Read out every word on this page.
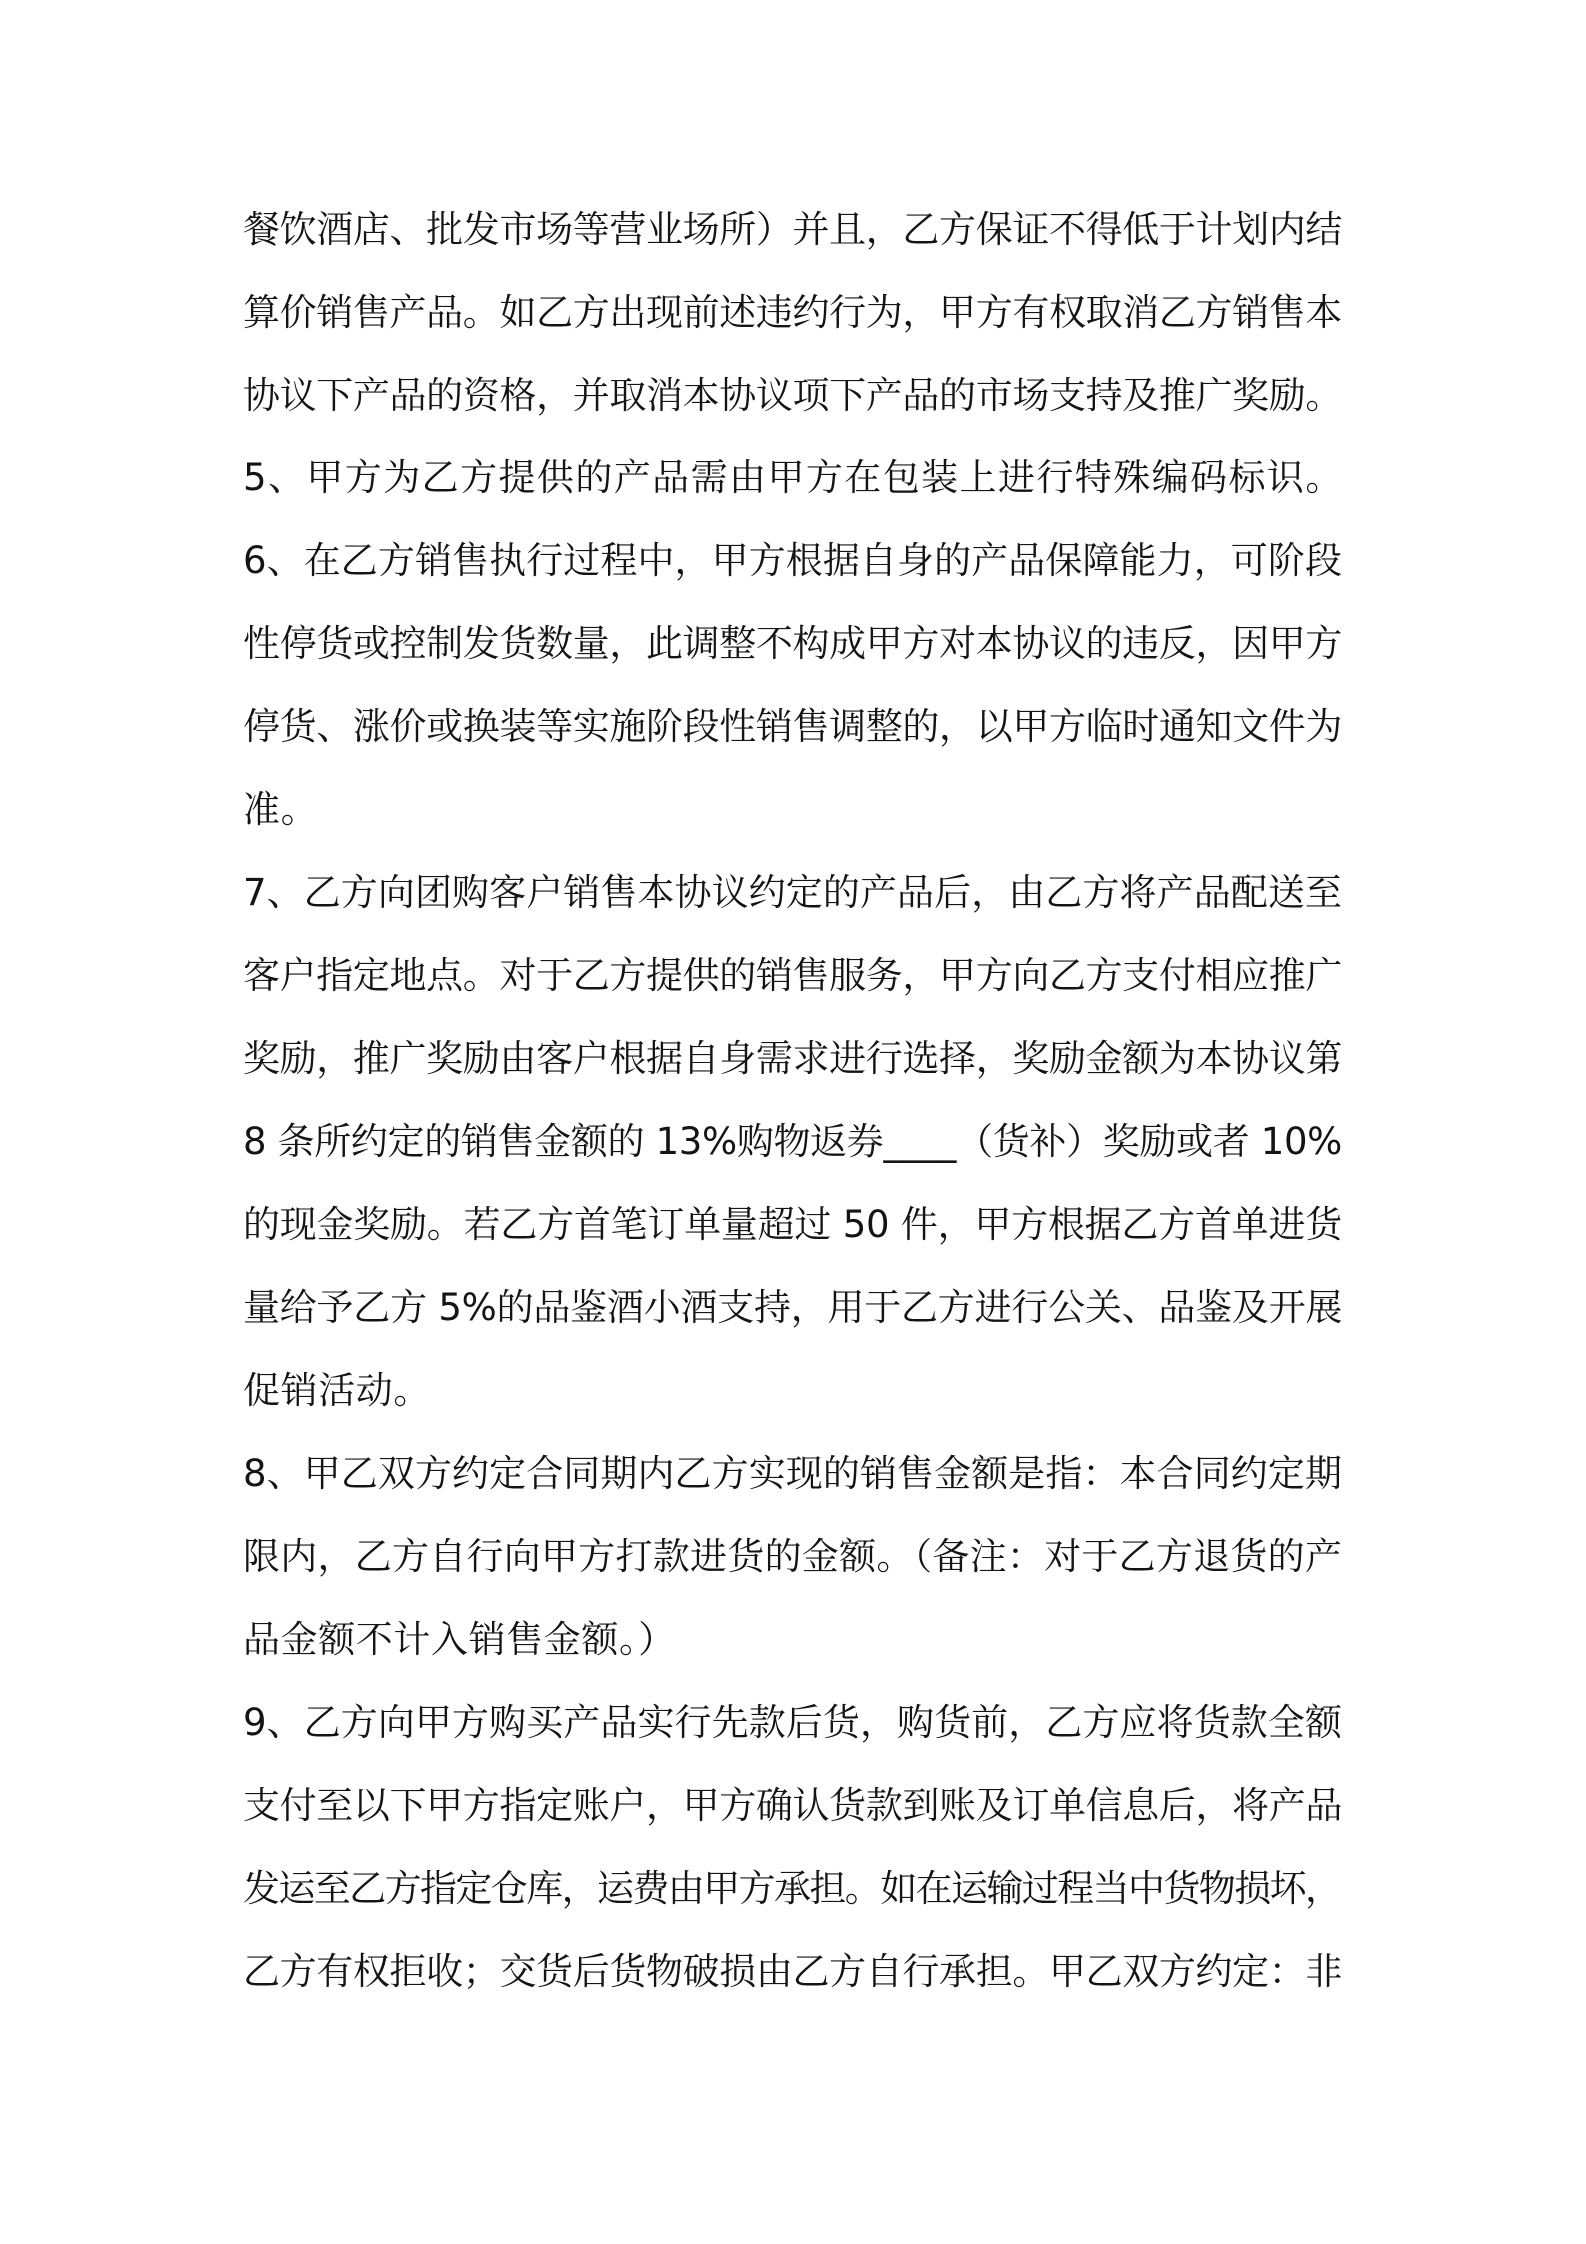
餐饮酒店、批发市场等营业场所）并且，乙方保证不得低于计划内结

算价销售产品。如乙方出现前述违约行为，甲方有权取消乙方销售本

协议下产品的资格，并取消本协议项下产品的市场支持及推广奖励。

5、甲方为乙方提供的产品需由甲方在包装上进行特殊编码标识。

6、在乙方销售执行过程中，甲方根据自身的产品保障能力，可阶段

性停货或控制发货数量，此调整不构成甲方对本协议的违反，因甲方

停货、涨价或换装等实施阶段性销售调整的，以甲方临时通知文件为

准。

7、乙方向团购客户销售本协议约定的产品后，由乙方将产品配送至

客户指定地点。对于乙方提供的销售服务，甲方向乙方支付相应推广

奖励，推广奖励由客户根据自身需求进行选择，奖励金额为本协议第

8 条所约定的销售金额的 13%购物返券____（货补）奖励或者 10%

的现金奖励。若乙方首笔订单量超过 50 件，甲方根据乙方首单进货

量给予乙方 5%的品鉴酒小酒支持，用于乙方进行公关、品鉴及开展

促销活动。

8、甲乙双方约定合同期内乙方实现的销售金额是指：本合同约定期

限内，乙方自行向甲方打款进货的金额。（备注：对于乙方退货的产

品金额不计入销售金额。）

9、乙方向甲方购买产品实行先款后货，购货前，乙方应将货款全额

支付至以下甲方指定账户，甲方确认货款到账及订单信息后，将产品

发运至乙方指定仓库，运费由甲方承担。如在运输过程当中货物损坏，

乙方有权拒收；交货后货物破损由乙方自行承担。甲乙双方约定：非
